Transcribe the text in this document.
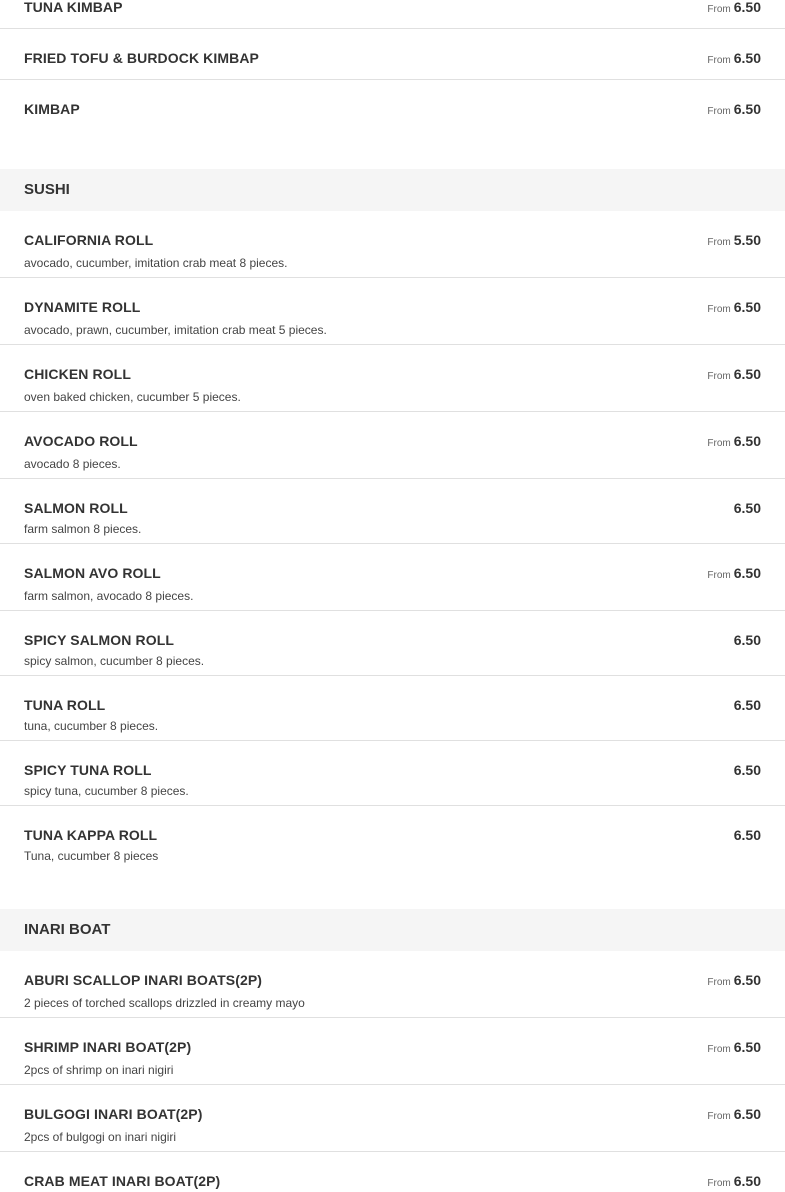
TUNA KIMBAP	From 6.50
FRIED TOFU & BURDOCK KIMBAP	From 6.50
KIMBAP	From 6.50
SUSHI
CALIFORNIA ROLL
avocado, cucumber, imitation crab meat 8 pieces.
From 5.50
DYNAMITE ROLL
avocado, prawn, cucumber, imitation crab meat 5 pieces.
From 6.50
CHICKEN ROLL
oven baked chicken, cucumber 5 pieces.
From 6.50
AVOCADO ROLL
avocado 8 pieces.
From 6.50
SALMON ROLL
farm salmon 8 pieces.
6.50
SALMON AVO ROLL
farm salmon, avocado 8 pieces.
From 6.50
SPICY SALMON ROLL
spicy salmon, cucumber 8 pieces.
6.50
TUNA ROLL
tuna, cucumber 8 pieces.
6.50
SPICY TUNA ROLL
spicy tuna, cucumber 8 pieces.
6.50
TUNA KAPPA ROLL
Tuna, cucumber 8 pieces
6.50
INARI BOAT
ABURI SCALLOP INARI BOATS(2P)
2 pieces of torched scallops drizzled in creamy mayo
From 6.50
SHRIMP INARI BOAT(2P)
2pcs of shrimp on inari nigiri
From 6.50
BULGOGI INARI BOAT(2P)
2pcs of bulgogi on inari nigiri
From 6.50
CRAB MEAT INARI BOAT(2P)	From 6.50
